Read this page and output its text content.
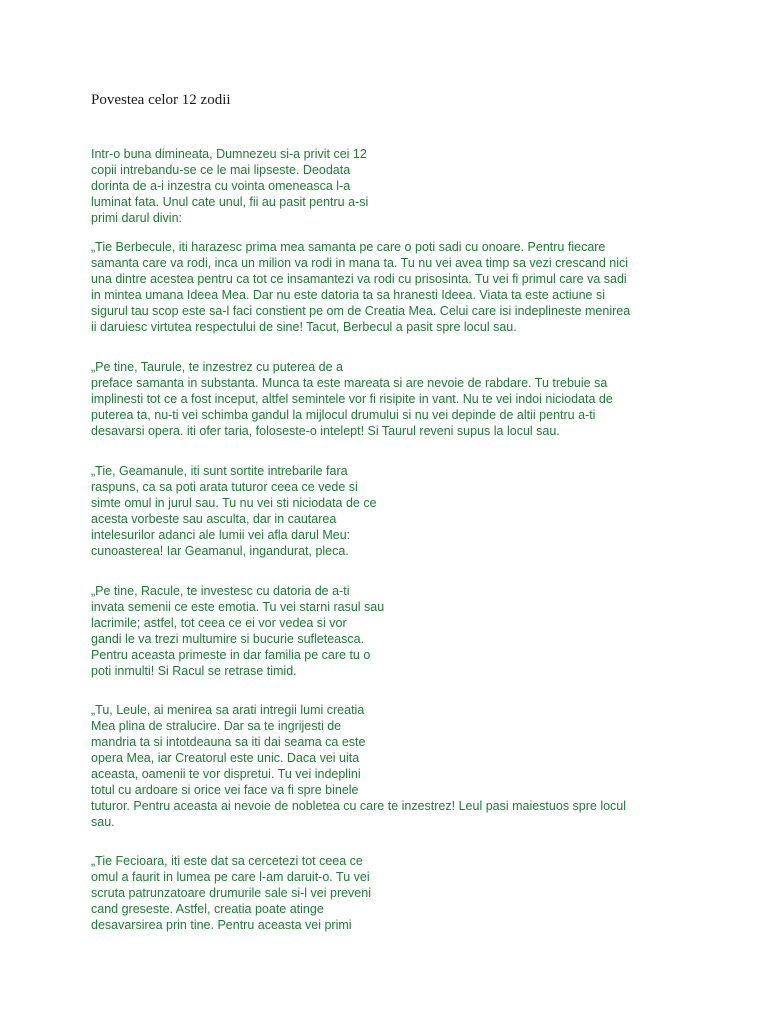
Povestea celor 12 zodii
Intr-o buna dimineata, Dumnezeu si-a privit cei 12
copii intrebandu-se ce le mai lipseste. Deodata
dorinta de a-i inzestra cu vointa omeneasca l-a
luminat fata. Unul cate unul, fii au pasit pentru a-si
primi darul divin:
„Tie Berbecule, iti harazesc prima mea samanta pe care o poti sadi cu onoare. Pentru fiecare
samanta care va rodi, inca un milion va rodi in mana ta. Tu nu vei avea timp sa vezi crescand nici
una dintre acestea pentru ca tot ce insamantezi va rodi cu prisosinta. Tu vei fi primul care va sadi
in mintea umana Ideea Mea. Dar nu este datoria ta sa hranesti Ideea. Viata ta este actiune si
sigurul tau scop este sa-l faci constient pe om de Creatia Mea. Celui care isi indeplineste menirea
ii daruiesc virtutea respectului de sine! Tacut, Berbecul a pasit spre locul sau.
„Pe tine, Taurule, te inzestrez cu puterea de a
preface samanta in substanta. Munca ta este mareata si are nevoie de rabdare. Tu trebuie sa
implinesti tot ce a fost inceput, altfel semintele vor fi risipite in vant. Nu te vei indoi niciodata de
puterea ta, nu-ti vei schimba gandul la mijlocul drumului si nu vei depinde de altii pentru a-ti
desavarsi opera. iti ofer taria, foloseste-o intelept! Si Taurul reveni supus la locul sau.
„Tie, Geamanule, iti sunt sortite intrebarile fara
raspuns, ca sa poti arata tuturor ceea ce vede si
simte omul in jurul sau. Tu nu vei sti niciodata de ce
acesta vorbeste sau asculta, dar in cautarea
intelesurilor adanci ale lumii vei afla darul Meu:
cunoasterea! Iar Geamanul, ingandurat, pleca.
„Pe tine, Racule, te investesc cu datoria de a-ti
invata semenii ce este emotia. Tu vei starni rasul sau
lacrimile; astfel, tot ceea ce ei vor vedea si vor
gandi le va trezi multumire si bucurie sufleteasca.
Pentru aceasta primeste in dar familia pe care tu o
poti inmulti! Si Racul se retrase timid.
„Tu, Leule, ai menirea sa arati intregii lumi creatia
Mea plina de stralucire. Dar sa te ingrijesti de
mandria ta si intotdeauna sa iti dai seama ca este
opera Mea, iar Creatorul este unic. Daca vei uita
aceasta, oamenii te vor dispretui. Tu vei indeplini
totul cu ardoare si orice vei face va fi spre binele
tuturor. Pentru aceasta ai nevoie de nobletea cu care te inzestrez! Leul pasi maiestuos spre locul
sau.
„Tie Fecioara, iti este dat sa cercetezi tot ceea ce
omul a faurit in lumea pe care l-am daruit-o. Tu vei
scruta patrunzatoare drumurile sale si-l vei preveni
cand greseste. Astfel, creatia poate atinge
desavarsirea prin tine. Pentru aceasta vei primi
